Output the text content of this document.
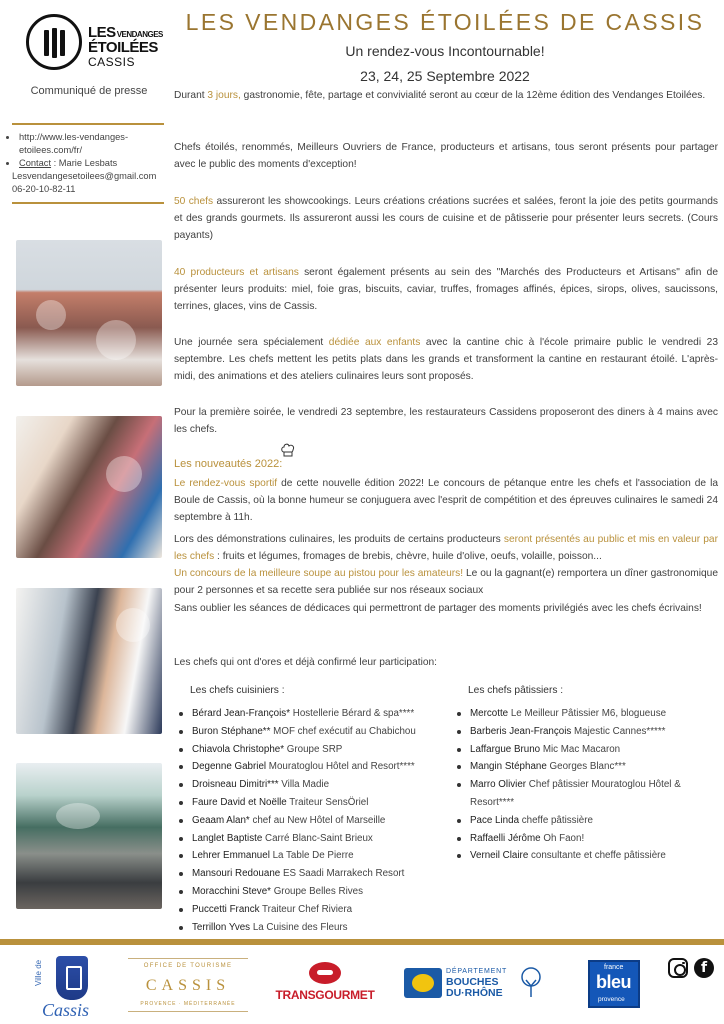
LESVENDANGES
ÉTOILÉES
CASSIS
Communiqué de presse
http://www.les-vendanges-etoilees.com/fr/
Contact : Marie Lesbats
Lesvendangesetoilees@gmail.com
06-20-10-82-11
LES VENDANGES ÉTOILÉES DE CASSIS
Un rendez-vous Incontournable!
23, 24, 25 Septembre 2022

Durant 3 jours, gastronomie, fête, partage et convivialité seront au cœur de la 12ème édition des Vendanges Etoilées.

Chefs étoilés, renommés, Meilleurs Ouvriers de France, producteurs et artisans, tous seront présents pour partager avec le public des moments d'exception!

50 chefs assureront les showcookings. Leurs créations créations sucrées et salées, feront la joie des petits gourmands et des grands gourmets. Ils assureront aussi les cours de cuisine et de pâtisserie pour présenter leurs secrets. (Cours payants)

40 producteurs et artisans seront également présents au sein des "Marchés des Producteurs et Artisans" afin de présenter leurs produits: miel, foie gras, biscuits, caviar, truffes, fromages affinés, épices, sirops, olives, saucissons, terrines, glaces, vins de Cassis.

Une journée sera spécialement dédiée aux enfants avec la cantine chic à l'école primaire public le vendredi 23 septembre. Les chefs mettent les petits plats dans les grands et transforment la cantine en restaurant étoilé. L'après-midi, des animations et des ateliers culinaires leurs sont proposés.

Pour la première soirée, le vendredi 23 septembre, les restaurateurs Cassidens proposeront des diners à 4 mains avec les chefs.

Les nouveautés 2022:

Le rendez-vous sportif de cette nouvelle édition 2022! Le concours de pétanque entre les chefs et l'association de la Boule de Cassis, où la bonne humeur se conjuguera avec l'esprit de compétition et des épreuves culinaires le samedi 24 septembre à 11h.

Lors des démonstrations culinaires, les produits de certains producteurs seront présentés au public et mis en valeur par les chefs : fruits et légumes, fromages de brebis, chèvre, huile d'olive, oeufs, volaille, poisson...

Un concours de la meilleure soupe au pistou pour les amateurs! Le ou la gagnant(e) remportera un dîner gastronomique pour 2 personnes et sa recette sera publiée sur nos réseaux sociaux

Sans oublier les séances de dédicaces qui permettront de partager des moments privilégiés avec les chefs écrivains!

Les chefs qui ont d'ores et déjà confirmé leur participation:

Les chefs cuisiniers :	Les chefs pâtissiers :
Bérard Jean-François* Hostellerie Bérard & spa****
Buron Stéphane** MOF chef exécutif au Chabichou
Chiavola Christophe* Groupe SRP
Degenne Gabriel Mouratoglou Hôtel and Resort****
Droisneau Dimitri*** Villa Madie
Faure David et Noëlle Traiteur SensÖriel
Geaam Alan* chef au New Hôtel of Marseille
Langlet Baptiste Carré Blanc-Saint Brieux
Lehrer Emmanuel La Table De Pierre
Mansouri Redouane ES Saadi Marrakech Resort
Moracchini Steve* Groupe Belles Rives
Puccetti Franck Traiteur Chef Riviera
Terrillon Yves La Cuisine des Fleurs
Mercotte Le Meilleur Pâtissier M6, blogueuse
Barberis Jean-François Majestic Cannes*****
Laffargue Bruno Mic Mac Macaron
Mangin Stéphane Georges Blanc***
Marro Olivier Chef pâtissier Mouratoglou Hôtel & Resort****
Pace Linda cheffe pâtissière
Raffaelli Jérôme Oh Faon!
Verneil Claire consultante et cheffe pâtissière
Ville de
Cassis
OFFICE DE TOURISME
CASSIS
PROVENCE · MÉDITERRANÉE
TRANSGOURMET
DÉPARTEMENT
BOUCHES
DU·RHÔNE
france
bleu
provence
f
